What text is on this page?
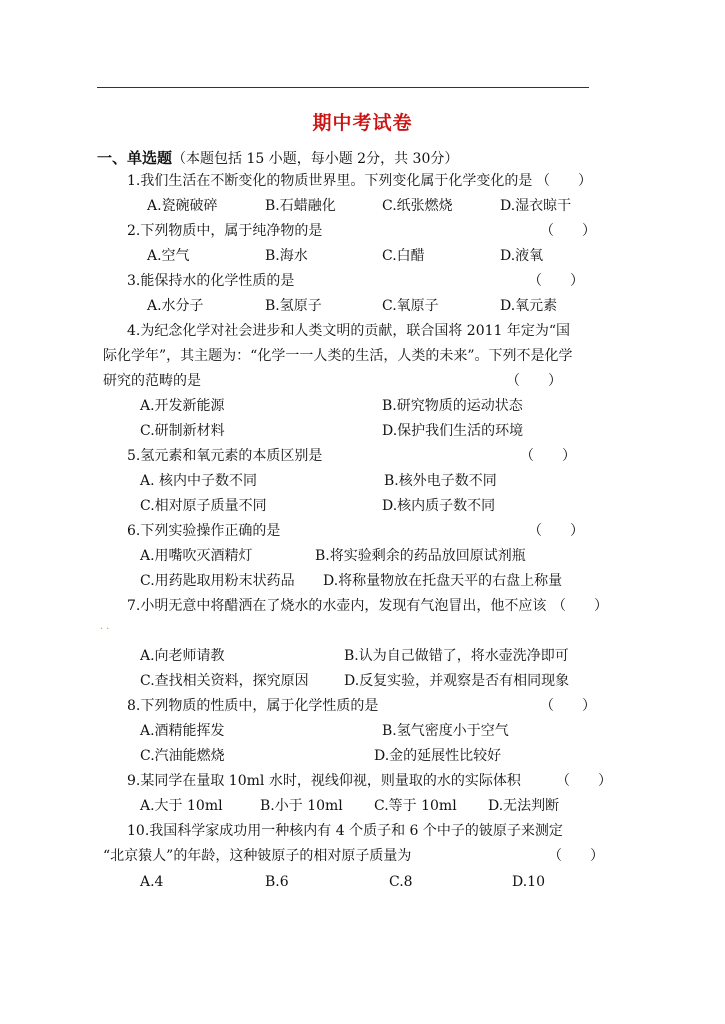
期中考试卷
一、单选题（本题包括 15 小题，每小题 2分，共 30分）
1.我们生活在不断变化的物质世界里。下列变化属于化学变化的是 （　　）
A.瓷碗破碎	B.石蜡融化	C.纸张燃烧	D.湿衣晾干
2.下列物质中，属于纯净物的是	（　　）
A.空气	B.海水	C.白醋	D.液氧
3.能保持水的化学性质的是	（　　）
A.水分子	B.氢原子	C.氧原子	D.氧元素
4.为纪念化学对社会进步和人类文明的贡献，联合国将 2011 年定为“国
际化学年”，其主题为：“化学一一人类的生活，人类的未来”。下列不是化学
研究的范畴的是	（　　）
A.开发新能源	B.研究物质的运动状态
C.研制新材料	D.保护我们生活的环境
5.氢元素和氧元素的本质区别是	（　　）
A. 核内中子数不同	B.核外电子数不同
C.相对原子质量不同	D.核内质子数不同
6.下列实验操作正确的是	（　　）
A.用嘴吹灭酒精灯	B.将实验剩余的药品放回原试剂瓶
C.用药匙取用粉末状药品 D.将称量物放在托盘天平的右盘上称量
7.小明无意中将醋洒在了烧水的水壶内，发现有气泡冒出，他不应该 （　　）
··
A.向老师请教	B.认为自己做错了，将水壶洗净即可
C.查找相关资料，探究原因	D.反复实验，并观察是否有相同现象
8.下列物质的性质中，属于化学性质的是	（　　）
A.酒精能挥发	B.氢气密度小于空气
C.汽油能燃烧	D.金的延展性比较好
9.某同学在量取 10ml 水时，视线仰视，则量取的水的实际体积	（　　）
A.大于 10ml	B.小于 10ml C.等于 10ml D.无法判断
10.我国科学家成功用一种核内有 4 个质子和 6 个中子的铍原子来测定
“北京猿人”的年龄，这种铍原子的相对原子质量为	（　　）
A.4	B.6	C.8	D.10
